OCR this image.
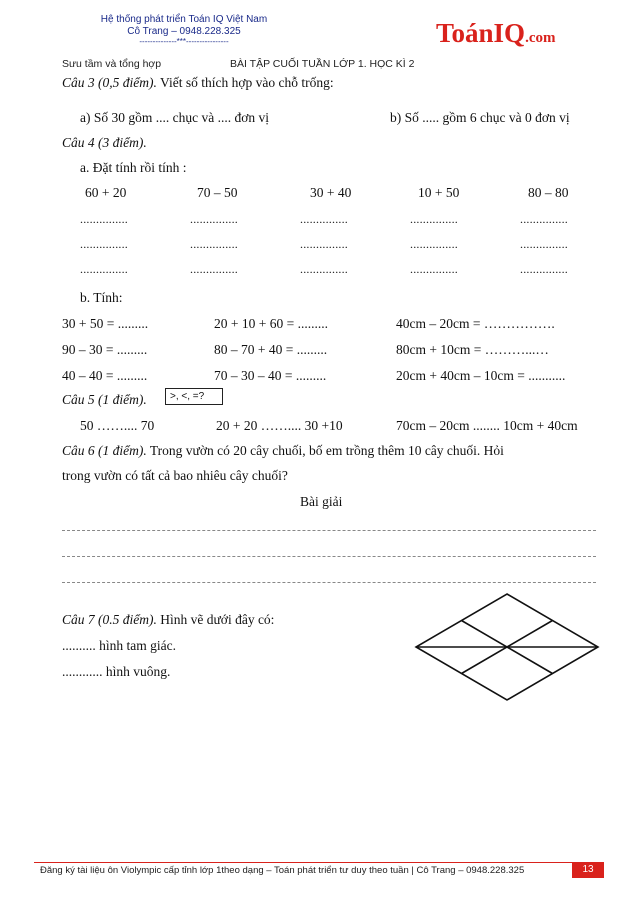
Hệ thống phát triển Toán IQ Việt Nam
Cô Trang – 0948.228.325
--------------***----------------	ToánIQ.com
Sưu tầm và tổng hợp	BÀI TẬP CUỐI TUẦN LỚP 1. HỌC KÌ 2
Câu 3 (0,5 điểm). Viết số thích hợp vào chỗ trống:
a) Số 30 gồm .... chục và .... đơn vị	b) Số ..... gồm 6 chục và 0 đơn vị
Câu 4 (3 điểm).
a. Đặt tính rồi tính :
60 + 20	70 – 50	30 + 40	10 + 50	80 – 80
...............	...............	...............	...............	...............
...............	...............	...............	...............	...............
...............	...............	...............	...............	...............
b. Tính:
30 + 50 = .........	20 + 10 + 60 = .........	40cm – 20cm = …………….
90 – 30 = .........	80 – 70 + 40 = .........	80cm + 10cm = ………...…
40 – 40 = .........	70 – 30 – 40 = .........	20cm + 40cm – 10cm = ...........
Câu 5 (1 điểm).	>, <, =?
50 …….... 70	20 + 20 …….... 30 +10	70cm – 20cm ........ 10cm + 40cm
Câu 6 (1 điểm). Trong vườn có 20 cây chuối, bố em trồng thêm 10 cây chuối. Hỏi
trong vườn có tất cả bao nhiêu cây chuối?
Bài giải
Câu 7 (0.5 điểm). Hình vẽ dưới đây có:
.......... hình tam giác.
............ hình vuông.
Đăng ký tài liệu ôn Violympic cấp tỉnh lớp 1theo dạng – Toán phát triển tư duy theo tuần | Cô Trang – 0948.228.325	13
